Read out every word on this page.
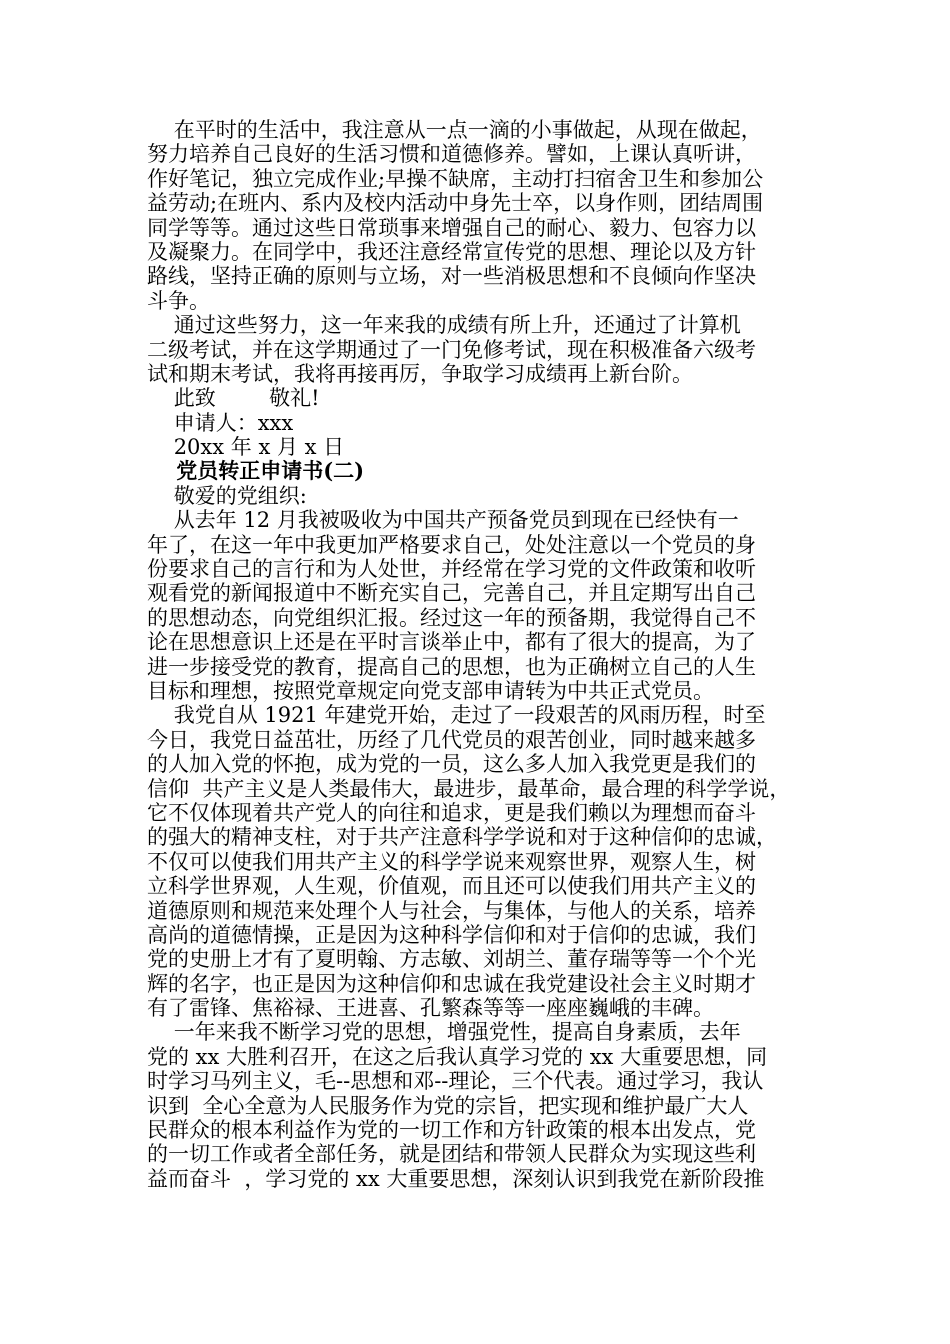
在平时的生活中，我注意从一点一滴的小事做起，从现在做起，
努力培养自己良好的生活习惯和道德修养。譬如，上课认真听讲，
作好笔记，独立完成作业;早操不缺席，主动打扫宿舍卫生和参加公
益劳动;在班内、系内及校内活动中身先士卒，以身作则，团结周围
同学等等。通过这些日常琐事来增强自己的耐心、毅力、包容力以
及凝聚力。在同学中，我还注意经常宣传党的思想、理论以及方针
路线，坚持正确的原则与立场，对一些消极思想和不良倾向作坚决
斗争。
通过这些努力，这一年来我的成绩有所上升，还通过了计算机
二级考试，并在这学期通过了一门免修考试，现在积极准备六级考
试和期末考试，我将再接再厉，争取学习成绩再上新台阶。
此致        敬礼!
申请人：xxx
20xx 年 x 月 x 日
党员转正申请书(二)
敬爱的党组织:
从去年 12 月我被吸收为中国共产预备党员到现在已经快有一
年了，在这一年中我更加严格要求自己，处处注意以一个党员的身
份要求自己的言行和为人处世，并经常在学习党的文件政策和收听
观看党的新闻报道中不断充实自己，完善自己，并且定期写出自己
的思想动态，向党组织汇报。经过这一年的预备期，我觉得自己不
论在思想意识上还是在平时言谈举止中，都有了很大的提高，为了
进一步接受党的教育，提高自己的思想，也为正确树立自己的人生
目标和理想，按照党章规定向党支部申请转为中共正式党员。
我党自从 1921 年建党开始，走过了一段艰苦的风雨历程，时至
今日，我党日益茁壮，历经了几代党员的艰苦创业，同时越来越多
的人加入党的怀抱，成为党的一员，这么多人加入我党更是我们的
信仰  共产主义是人类最伟大，最进步，最革命，最合理的科学学说，
它不仅体现着共产党人的向往和追求，更是我们赖以为理想而奋斗
的强大的精神支柱，对于共产注意科学学说和对于这种信仰的忠诚，
不仅可以使我们用共产主义的科学学说来观察世界，观察人生，树
立科学世界观，人生观，价值观，而且还可以使我们用共产主义的
道德原则和规范来处理个人与社会，与集体，与他人的关系，培养
高尚的道德情操，正是因为这种科学信仰和对于信仰的忠诚，我们
党的史册上才有了夏明翰、方志敏、刘胡兰、董存瑞等等一个个光
辉的名字，也正是因为这种信仰和忠诚在我党建设社会主义时期才
有了雷锋、焦裕禄、王进喜、孔繁森等等一座座巍峨的丰碑。
一年来我不断学习党的思想，增强党性，提高自身素质，去年
党的 xx 大胜利召开，在这之后我认真学习党的 xx 大重要思想，同
时学习马列主义，毛--思想和邓--理论，三个代表。通过学习，我认
识到  全心全意为人民服务作为党的宗旨，把实现和维护最广大人
民群众的根本利益作为党的一切工作和方针政策的根本出发点，党
的一切工作或者全部任务，就是团结和带领人民群众为实现这些利
益而奋斗  ，学习党的 xx 大重要思想，深刻认识到我党在新阶段推
